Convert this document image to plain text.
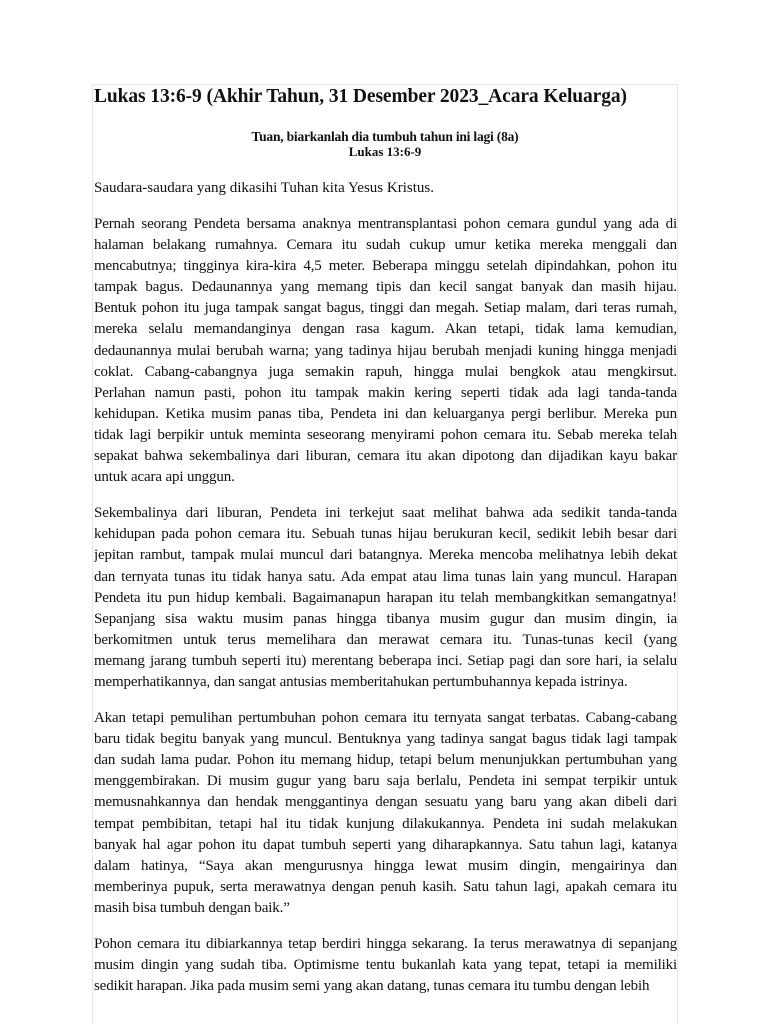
Lukas 13:6-9 (Akhir Tahun, 31 Desember 2023_Acara Keluarga)
Tuan, biarkanlah dia tumbuh tahun ini lagi (8a)
Lukas 13:6-9
Saudara-saudara yang dikasihi Tuhan kita Yesus Kristus.
Pernah seorang Pendeta bersama anaknya mentransplantasi pohon cemara gundul yang ada di
halaman belakang rumahnya. Cemara itu sudah cukup umur ketika mereka menggali dan
mencabutnya; tingginya kira-kira 4,5 meter. Beberapa minggu setelah dipindahkan, pohon itu
tampak bagus. Dedaunannya yang memang tipis dan kecil sangat banyak dan masih hijau.
Bentuk pohon itu juga tampak sangat bagus, tinggi dan megah. Setiap malam, dari teras rumah,
mereka selalu memandanginya dengan rasa kagum. Akan tetapi, tidak lama kemudian,
dedaunannya mulai berubah warna; yang tadinya hijau berubah menjadi kuning hingga menjadi
coklat. Cabang-cabangnya juga semakin rapuh, hingga mulai bengkok atau mengkirsut.
Perlahan namun pasti, pohon itu tampak makin kering seperti tidak ada lagi tanda-tanda
kehidupan. Ketika musim panas tiba, Pendeta ini dan keluarganya pergi berlibur. Mereka pun
tidak lagi berpikir untuk meminta seseorang menyirami pohon cemara itu. Sebab mereka telah
sepakat bahwa sekembalinya dari liburan, cemara itu akan dipotong dan dijadikan kayu bakar
untuk acara api unggun.
Sekembalinya dari liburan, Pendeta ini terkejut saat melihat bahwa ada sedikit tanda-tanda
kehidupan pada pohon cemara itu. Sebuah tunas hijau berukuran kecil, sedikit lebih besar dari
jepitan rambut, tampak mulai muncul dari batangnya. Mereka mencoba melihatnya lebih dekat
dan ternyata tunas itu tidak hanya satu. Ada empat atau lima tunas lain yang muncul. Harapan
Pendeta itu pun hidup kembali. Bagaimanapun harapan itu telah membangkitkan semangatnya!
Sepanjang sisa waktu musim panas hingga tibanya musim gugur dan musim dingin, ia
berkomitmen untuk terus memelihara dan merawat cemara itu. Tunas-tunas kecil (yang
memang jarang tumbuh seperti itu) merentang beberapa inci. Setiap pagi dan sore hari, ia selalu
memperhatikannya, dan sangat antusias memberitahukan pertumbuhannya kepada istrinya.
Akan tetapi pemulihan pertumbuhan pohon cemara itu ternyata sangat terbatas. Cabang-cabang
baru tidak begitu banyak yang muncul. Bentuknya yang tadinya sangat bagus tidak lagi tampak
dan sudah lama pudar. Pohon itu memang hidup, tetapi belum menunjukkan pertumbuhan yang
menggembirakan. Di musim gugur yang baru saja berlalu, Pendeta ini sempat terpikir untuk
memusnahkannya dan hendak menggantinya dengan sesuatu yang baru yang akan dibeli dari
tempat pembibitan, tetapi hal itu tidak kunjung dilakukannya. Pendeta ini sudah melakukan
banyak hal agar pohon itu dapat tumbuh seperti yang diharapkannya. Satu tahun lagi, katanya
dalam hatinya, “Saya akan mengurusnya hingga lewat musim dingin, mengairinya dan
memberinya pupuk, serta merawatnya dengan penuh kasih. Satu tahun lagi, apakah cemara itu
masih bisa tumbuh dengan baik.”
Pohon cemara itu dibiarkannya tetap berdiri hingga sekarang. Ia terus merawatnya di sepanjang
musim dingin yang sudah tiba. Optimisme tentu bukanlah kata yang tepat, tetapi ia memiliki
sedikit harapan. Jika pada musim semi yang akan datang, tunas cemara itu tumbu dengan lebih
